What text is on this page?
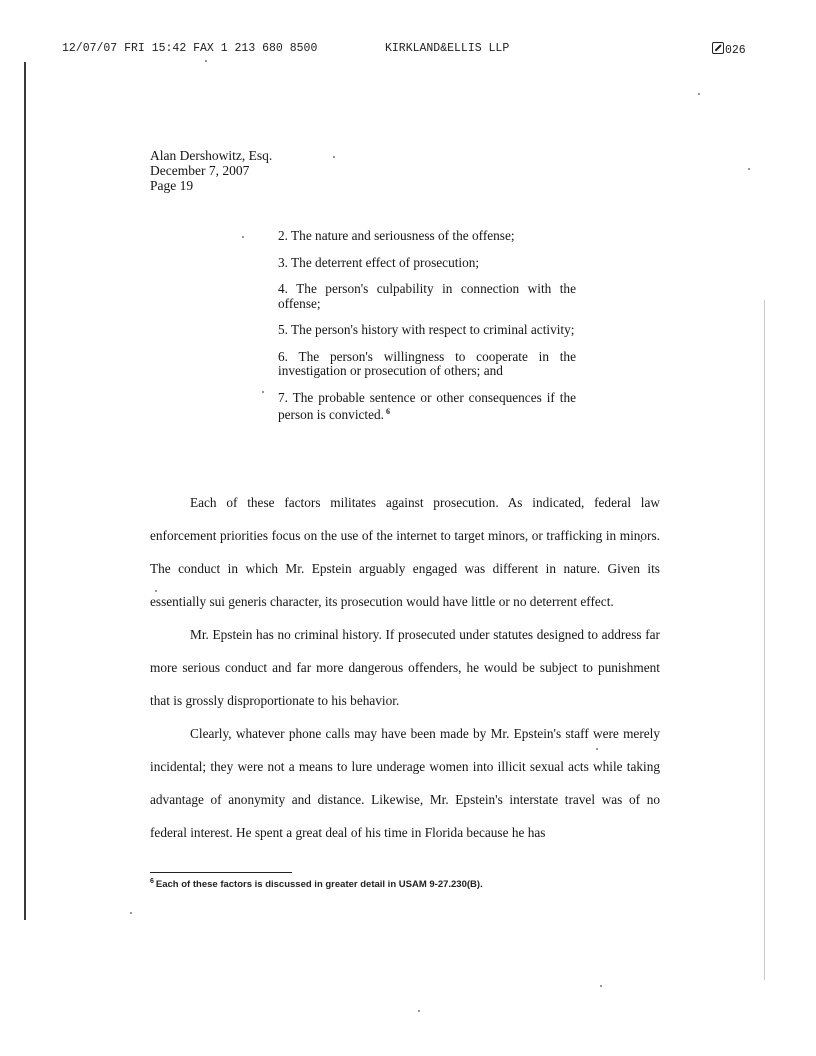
12/07/07 FRI 15:42 FAX 1 213 680 8500	KIRKLAND&ELLIS LLP	026
Alan Dershowitz, Esq.
December 7, 2007
Page 19

2. The nature and seriousness of the offense;

3. The deterrent effect of prosecution;

4. The person's culpability in connection with the offense;

5. The person's history with respect to criminal activity;

6. The person's willingness to cooperate in the investigation or prosecution of others; and

7. The probable sentence or other consequences if the person is convicted. $^6$

Each of these factors militates against prosecution. As indicated, federal law enforcement priorities focus on the use of the internet to target minors, or trafficking in minors. The conduct in which Mr. Epstein arguably engaged was different in nature. Given its essentially sui generis character, its prosecution would have little or no deterrent effect.

Mr. Epstein has no criminal history. If prosecuted under statutes designed to address far more serious conduct and far more dangerous offenders, he would be subject to punishment that is grossly disproportionate to his behavior.

Clearly, whatever phone calls may have been made by Mr. Epstein's staff were merely incidental; they were not a means to lure underage women into illicit sexual acts while taking advantage of anonymity and distance. Likewise, Mr. Epstein's interstate travel was of no federal interest. He spent a great deal of his time in Florida because he has

$^6$ Each of these factors is discussed in greater detail in USAM 9-27.230(B).
